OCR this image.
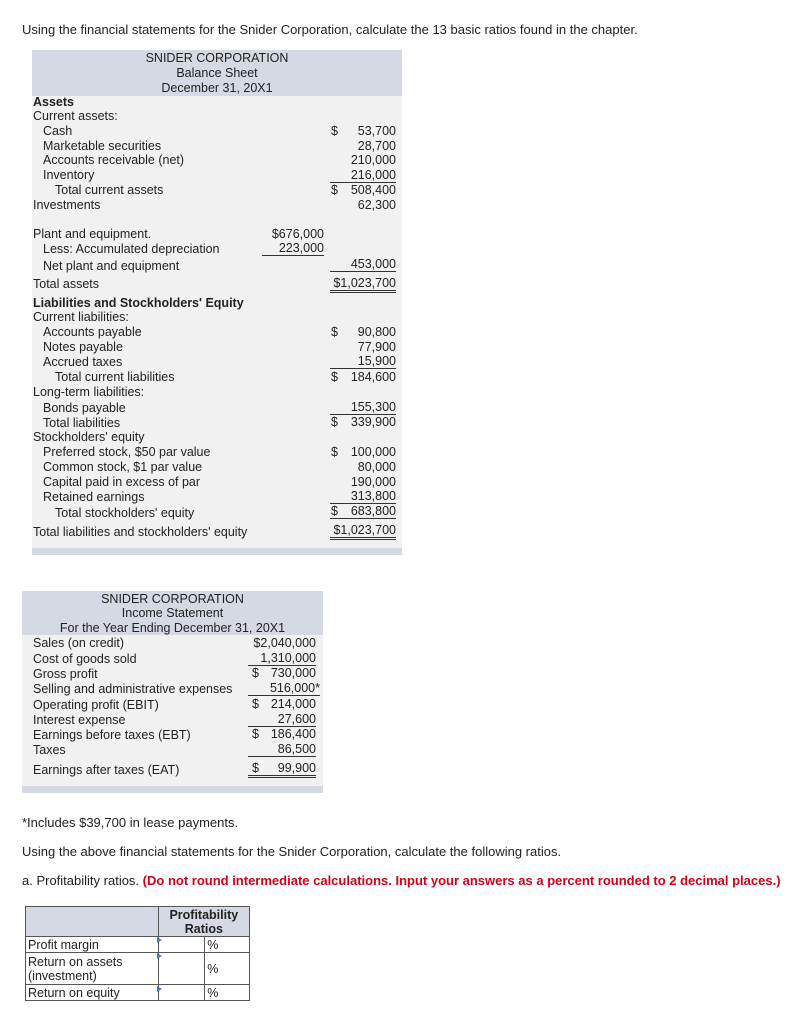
Using the financial statements for the Snider Corporation, calculate the 13 basic ratios found in the chapter.
SNIDER CORPORATION
Balance Sheet
December 31, 20X1
Assets
Current assets:
Cash	$	53,700
Marketable securities	28,700
Accounts receivable (net)	210,000
Inventory	216,000
Total current assets	$	508,400
Investments	62,300
Plant and equipment.	$676,000
Less: Accumulated depreciation	223,000
Net plant and equipment	453,000
Total assets	$1,023,700
Liabilities and Stockholders' Equity
Current liabilities:
Accounts payable	$	90,800
Notes payable	77,900
Accrued taxes	15,900
Total current liabilities	$	184,600
Long-term liabilities:
Bonds payable	155,300
Total liabilities	$	339,900
Stockholders' equity
Preferred stock, $50 par value	$	100,000
Common stock, $1 par value	80,000
Capital paid in excess of par	190,000
Retained earnings	313,800
Total stockholders' equity	$	683,800
Total liabilities and stockholders' equity	$1,023,700
SNIDER CORPORATION
Income Statement
For the Year Ending December 31, 20X1
Sales (on credit)	$2,040,000
Cost of goods sold	1,310,000
Gross profit	$ 730,000
Selling and administrative expenses	516,000*
Operating profit (EBIT)	$ 214,000
Interest expense	27,600
Earnings before taxes (EBT)	$ 186,400
Taxes	86,500
Earnings after taxes (EAT)	$	99,900
*Includes $39,700 in lease payments.
Using the above financial statements for the Snider Corporation, calculate the following ratios.
a. Profitability ratios. (Do not round intermediate calculations. Input your answers as a percent rounded to 2 decimal places.)
	Profitability Ratios	
Profit margin		%
Return on assets (investment)		%
Return on equity		%
